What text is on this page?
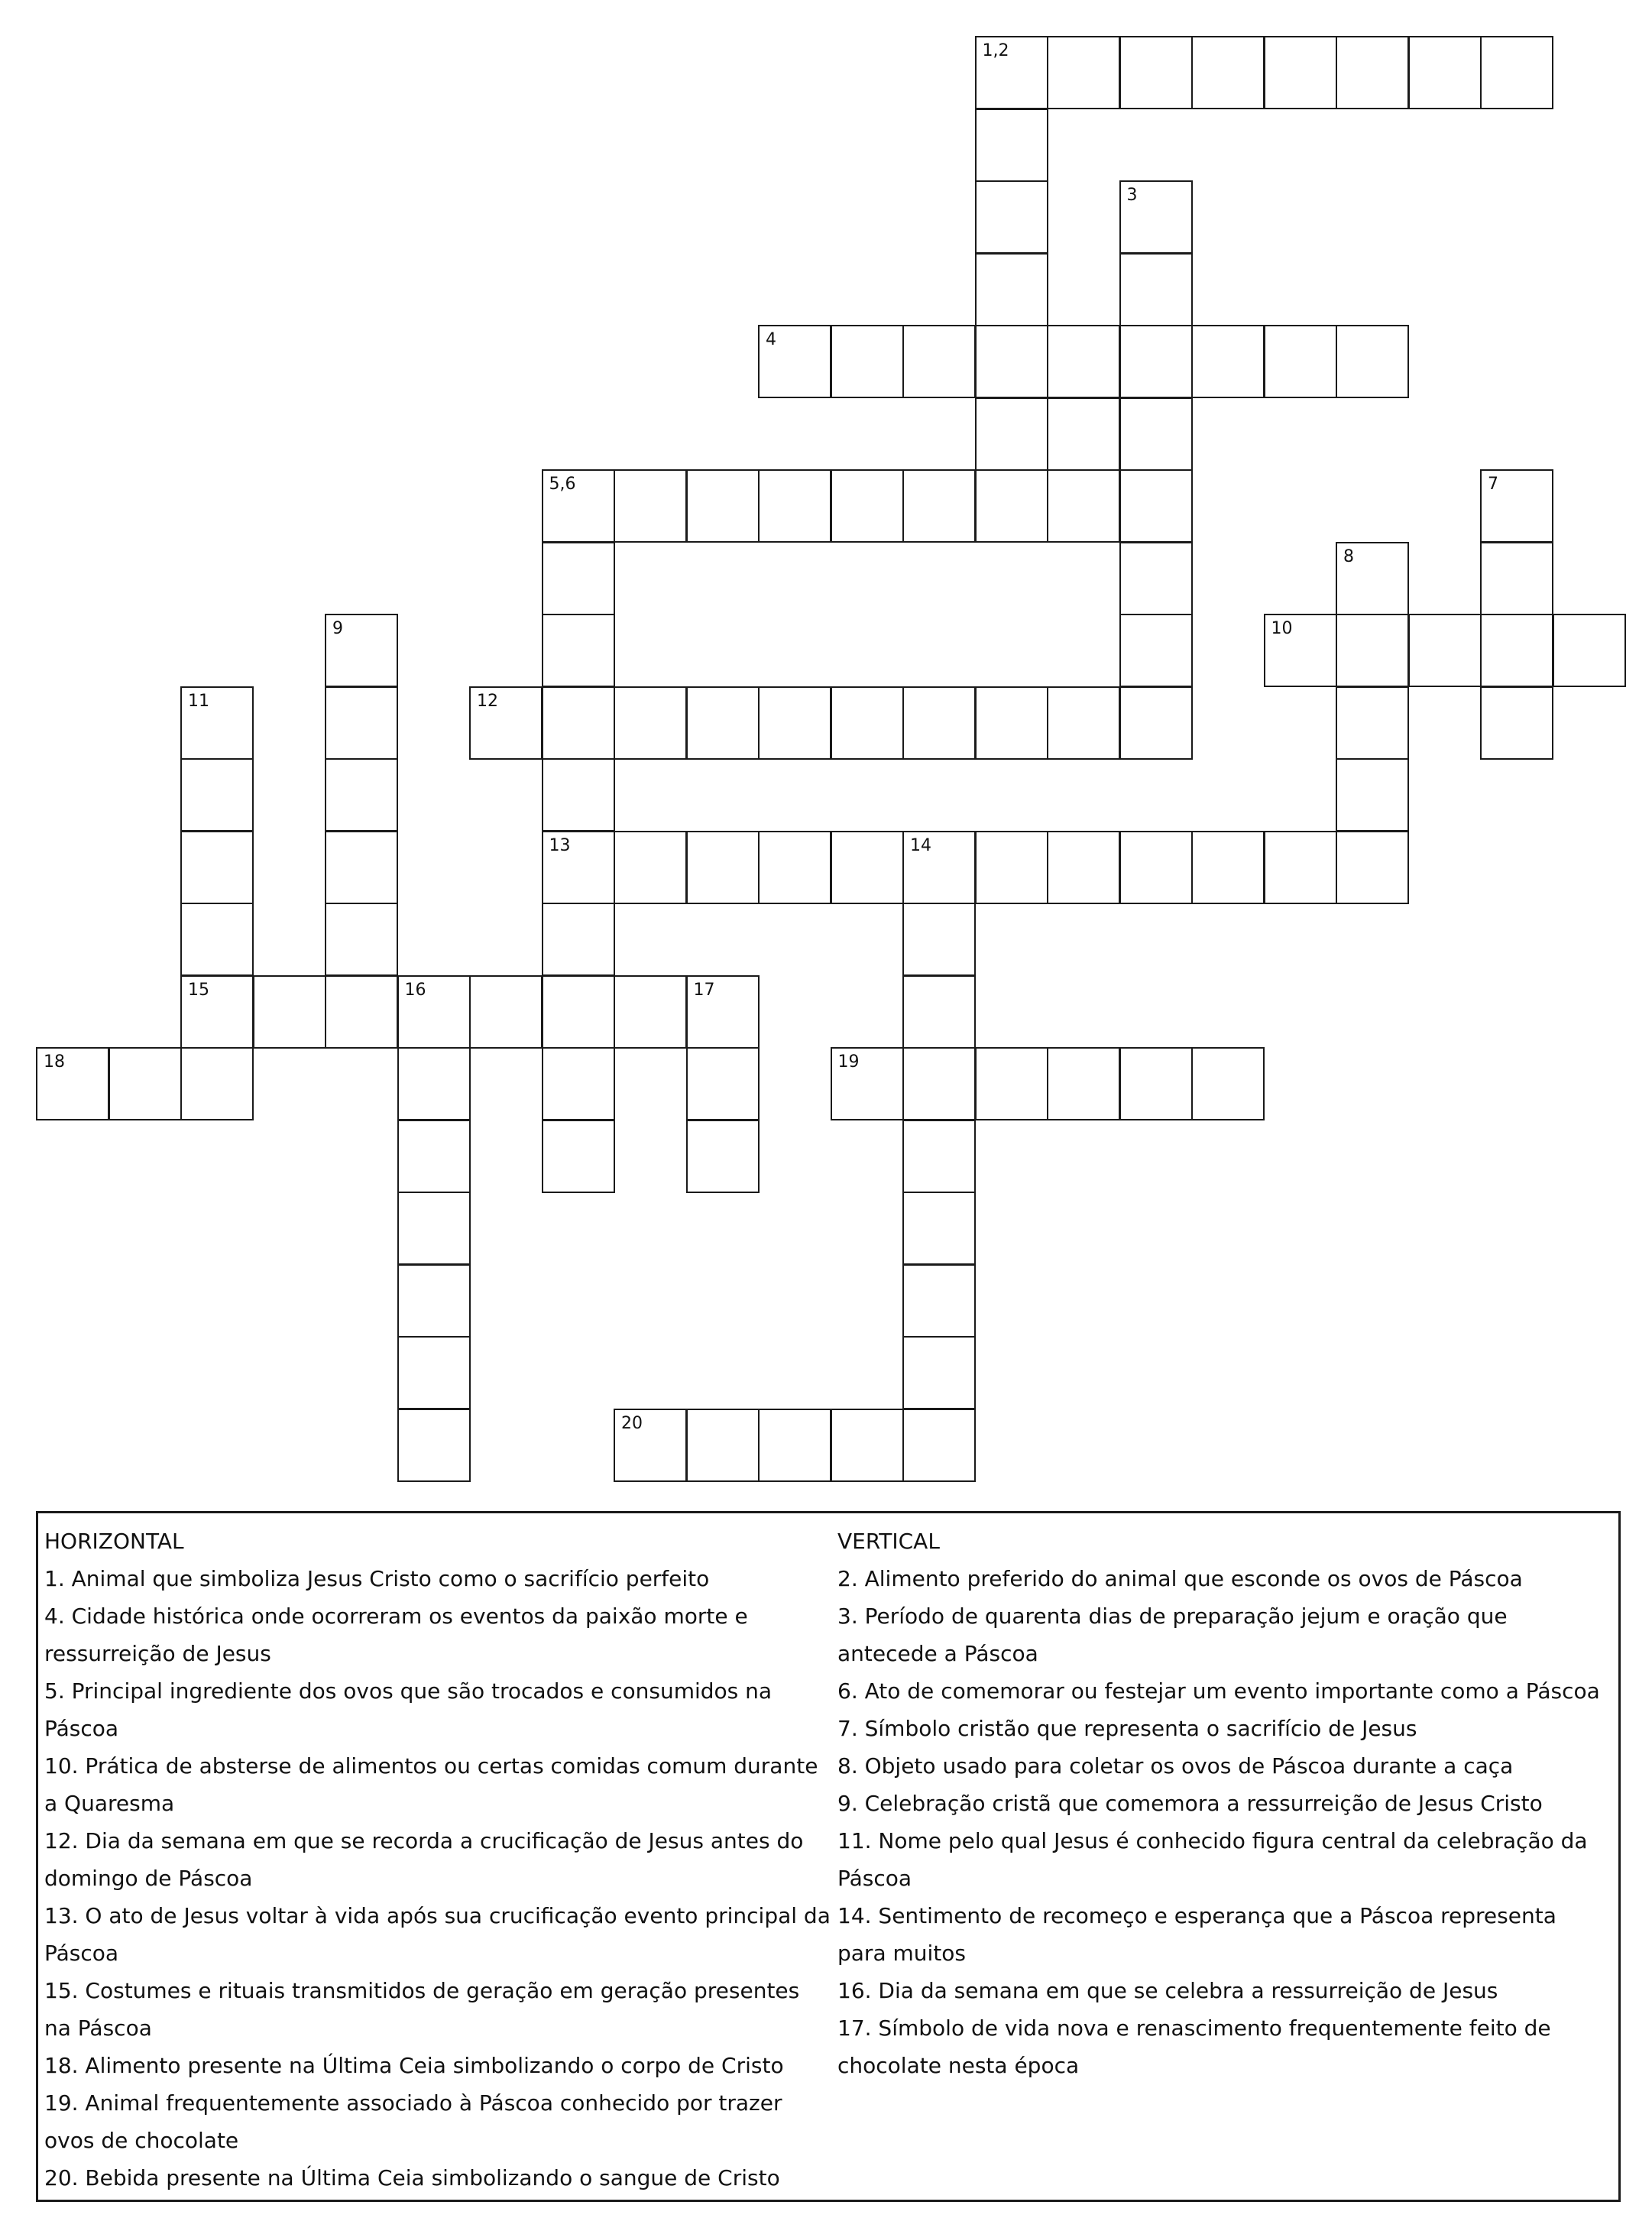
1,2
3
4
5,6
13
7
8
10
9
11
15
12
14
16	17
18	19
20
HORIZONTAL
1. Animal que simboliza Jesus Cristo como o sacrifício perfeito
4. Cidade histórica onde ocorreram os eventos da paixão morte e ressurreição de Jesus
5. Principal ingrediente dos ovos que são trocados e consumidos na Páscoa
10. Prática de absterse de alimentos ou certas comidas comum durante a Quaresma
12. Dia da semana em que se recorda a crucificação de Jesus antes do domingo de Páscoa
13. O ato de Jesus voltar à vida após sua crucificação evento principal da Páscoa
15. Costumes e rituais transmitidos de geração em geração presentes na Páscoa
18. Alimento presente na Última Ceia simbolizando o corpo de Cristo
19. Animal frequentemente associado à Páscoa conhecido por trazer ovos de chocolate
20. Bebida presente na Última Ceia simbolizando o sangue de Cristo
VERTICAL
2. Alimento preferido do animal que esconde os ovos de Páscoa
3. Período de quarenta dias de preparação jejum e oração que antecede a Páscoa
6. Ato de comemorar ou festejar um evento importante como a Páscoa
7. Símbolo cristão que representa o sacrifício de Jesus
8. Objeto usado para coletar os ovos de Páscoa durante a caça
9. Celebração cristã que comemora a ressurreição de Jesus Cristo
11. Nome pelo qual Jesus é conhecido figura central da celebração da Páscoa
14. Sentimento de recomeço e esperança que a Páscoa representa para muitos
16. Dia da semana em que se celebra a ressurreição de Jesus
17. Símbolo de vida nova e renascimento frequentemente feito de chocolate nesta época
